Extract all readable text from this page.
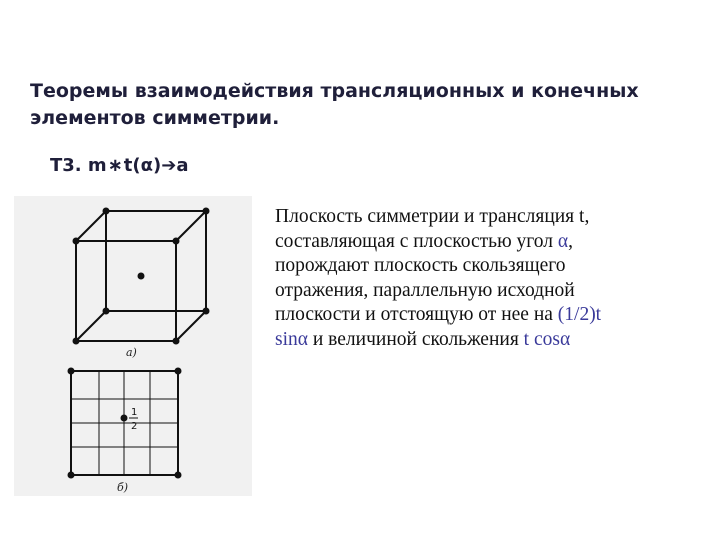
Теоремы взаимодействия трансляционных и конечных
элементов симметрии.
Т3. m∗t(α)➔a
a)
1
2
б)
Плоскость симметрии и трансляция t,
составляющая с плоскостью угол α,
порождают плоскость скользящего
отражения, параллельную исходной
плоскости и отстоящую от нее на (1/2)t
sinα и величиной скольжения t cosα
